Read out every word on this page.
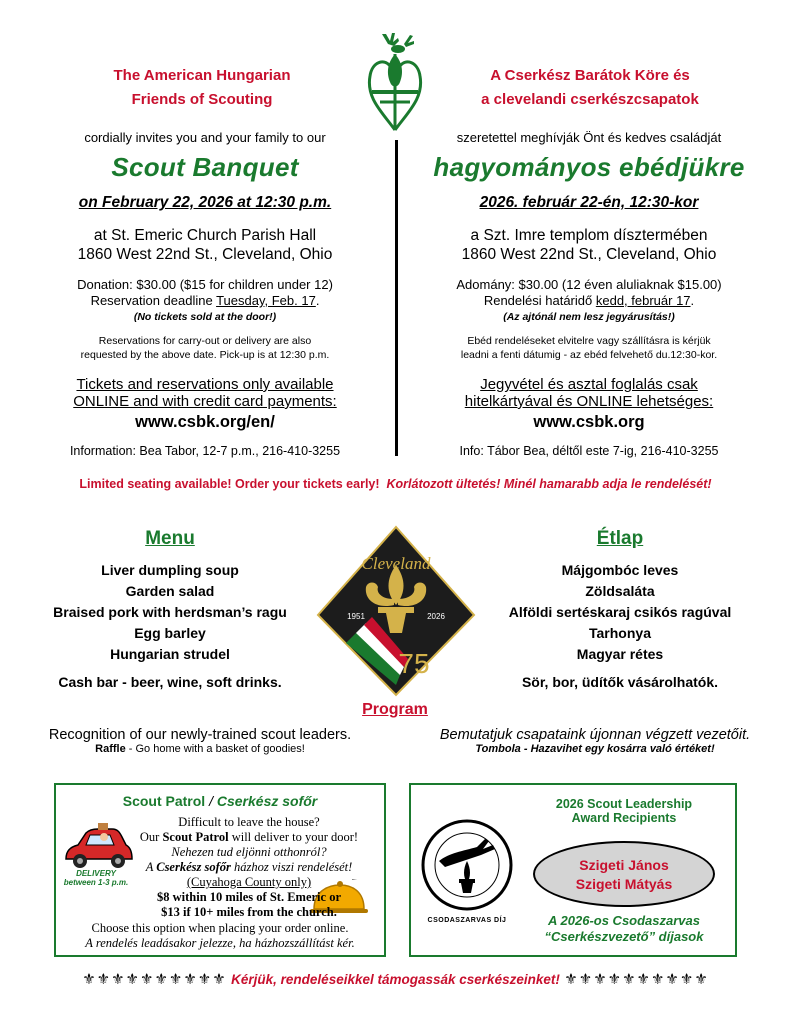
The American Hungarian
Friends of Scouting
cordially invites you and your family to our
Scout Banquet
on February 22, 2026 at 12:30 p.m.
at St. Emeric Church Parish Hall
1860 West 22nd St., Cleveland, Ohio
Donation: $30.00 ($15 for children under 12)
Reservation deadline Tuesday, Feb. 17.
(No tickets sold at the door!)
Reservations for carry-out or delivery are also
requested by the above date. Pick-up is at 12:30 p.m.
Tickets and reservations only available
ONLINE and with credit card payments:
www.csbk.org/en/
Information: Bea Tabor, 12-7 p.m., 216-410-3255
A Cserkész Barátok Köre és
a clevelandi cserkészcsapatok
szeretettel meghívják Önt és kedves családját
hagyományos ebédjükre
2026. február 22-én, 12:30-kor
a Szt. Imre templom dísztermében
1860 West 22nd St., Cleveland, Ohio
Adomány: $30.00 (12 éven aluliaknak $15.00)
Rendelési határidő kedd, február 17.
(Az ajtónál nem lesz jegyárusítás!)
Ebéd rendeléseket elvitelre vagy szállításra is kérjük
leadni a fenti dátumig - az ebéd felvehető du.12:30-kor.
Jegyvétel és asztal foglalás csak
hitelkártyával és ONLINE lehetséges:
www.csbk.org
Info: Tábor Bea, déltől este 7-ig, 216-410-3255
Limited seating available! Order your tickets early! Korlátozott ültetés! Minél hamarabb adja le rendelését!
Menu
Liver dumpling soup
Garden salad
Braised pork with herdsman’s ragu
Egg barley
Hungarian strudel
Cash bar - beer, wine, soft drinks.
Étlap
Májgombóc leves
Zöldsaláta
Alföldi sertéskaraj csikós ragúval
Tarhonya
Magyar rétes
Sör, bor, üdítők vásárolhatók.
Cleveland
1951	2026
75
Program
Recognition of our newly-trained scout leaders.
Raffle - Go home with a basket of goodies!
Bemutatjuk csapataink újonnan végzett vezetőit.
Tombola - Hazavihet egy kosárra való értéket!
Scout Patrol / Cserkész sofőr
DELIVERY
between 1-3 p.m.
Difficult to leave the house?
Our Scout Patrol will deliver to your door!
Nehezen tud eljönni otthonról?
A Cserkész sofőr házhoz viszi rendelését!
(Cuyahoga County only)
$8 within 10 miles of St. Emeric or
$13 if 10+ miles from the church.
Choose this option when placing your order online.
A rendelés leadásakor jelezze, ha házhozszállítást kér.
2026 Scout Leadership
Award Recipients
Szigeti János
Szigeti Mátyás
A 2026-os Csodaszarvas
“Cserkészvezető” díjasok
CSODASZARVAS DÍJ
⚜⚜⚜⚜⚜⚜⚜⚜⚜⚜ Kérjük, rendeléseikkel támogassák cserkészeinket! ⚜⚜⚜⚜⚜⚜⚜⚜⚜⚜
